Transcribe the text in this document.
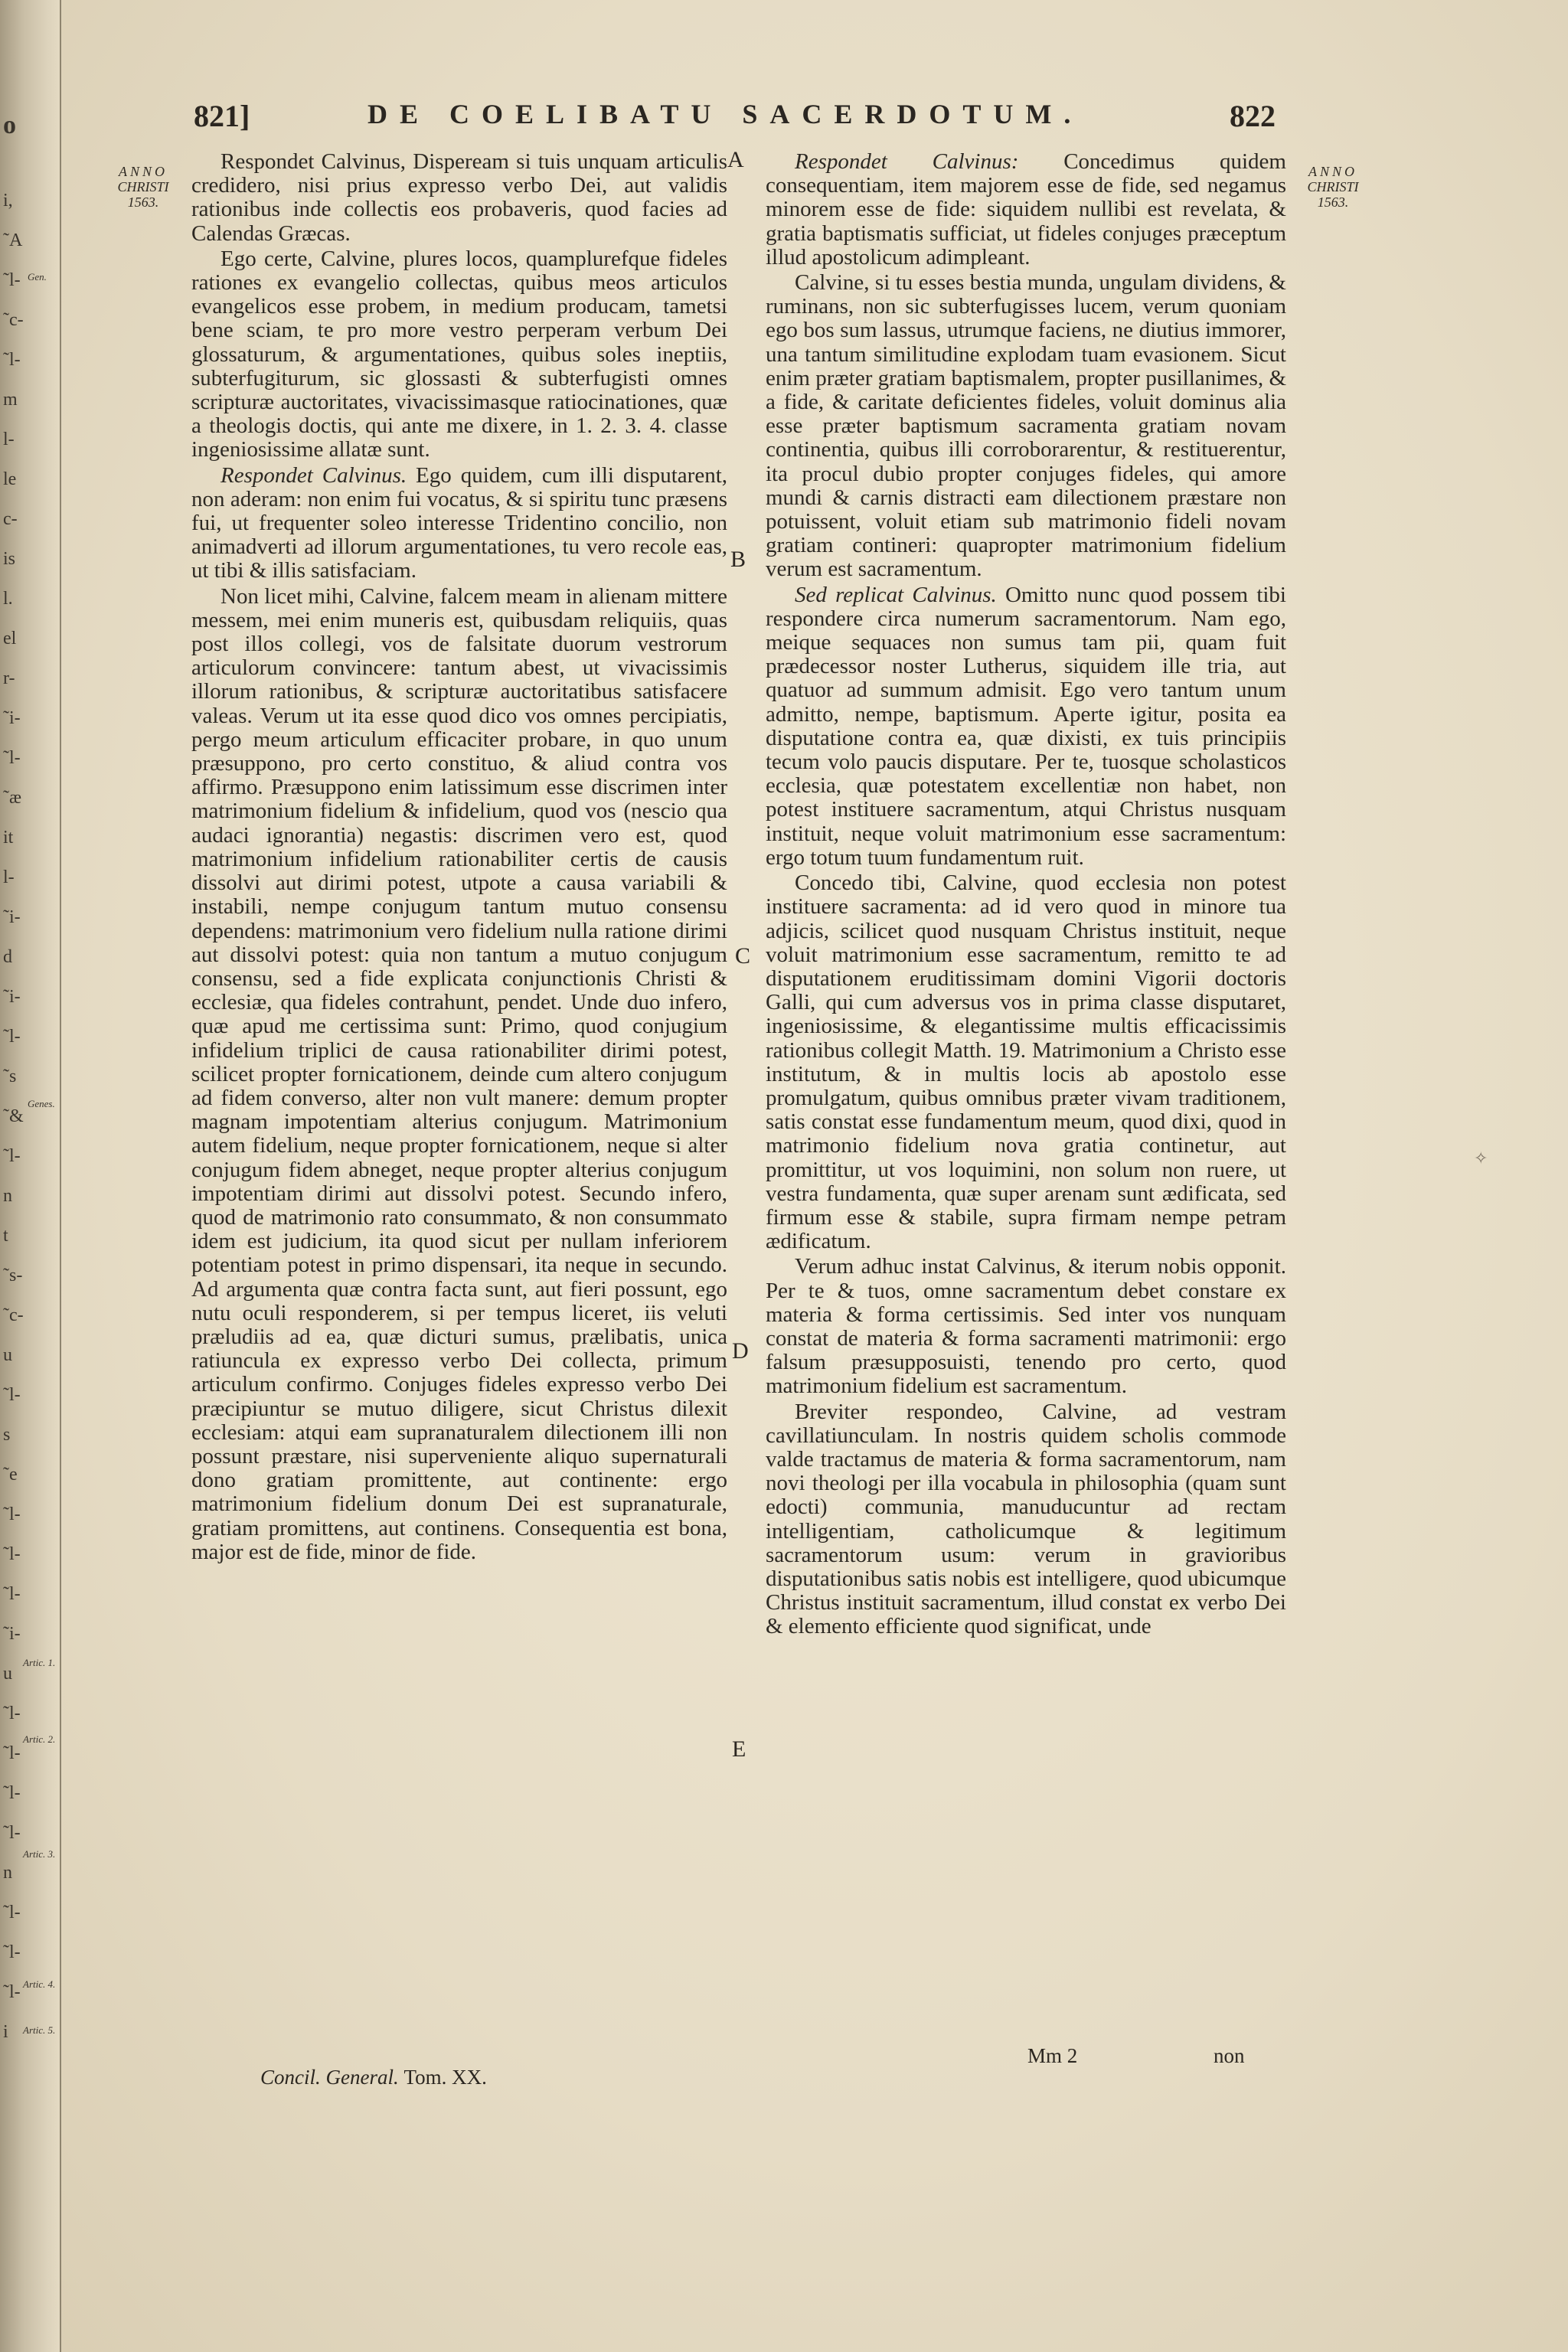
o
i,
˜A
˜l-
˜c-
˜l-
m
l-
le
c-
is
l.
el
r-
˜i-
˜l-
˜æ
it
l-
˜i-
d
˜i-
˜l-
˜s
˜&
˜l-
n
t
˜s-
˜c-
u
˜l-
s
˜e
˜l-
˜l-
˜l-
˜i-
u
˜l-
˜l-
˜l-
˜l-
n
˜l-
˜l-
˜l-
i
Gen.
Genes.
Artic. 1.
Artic. 2.
Artic. 3.
Artic. 4.
Artic. 5.
821]	DE COELIBATU SACERDOTUM.	822
ANNO
CHRISTI
1563.
ANNO
CHRISTI
1563.
A
B
C
D
E

Respondet Calvinus, Dispeream si tuis unquam articulis credidero, nisi prius expresso verbo Dei, aut validis rationibus inde collectis eos probaveris, quod facies ad Calendas Græcas.

Ego certe, Calvine, plures locos, quamplurefque fideles rationes ex evangelio collectas, quibus meos articulos evangelicos esse probem, in medium producam, tametsi bene sciam, te pro more vestro perperam verbum Dei glossaturum, & argumentationes, quibus soles ineptiis, subterfugiturum, sic glossasti & subterfugisti omnes scripturæ auctoritates, vivacissimasque ratiocinationes, quæ a theologis doctis, qui ante me dixere, in 1. 2. 3. 4. classe ingeniosissime allatæ sunt.

Respondet Calvinus. Ego quidem, cum illi disputarent, non aderam: non enim fui vocatus, & si spiritu tunc præsens fui, ut frequenter soleo interesse Tridentino concilio, non animadverti ad illorum argumentationes, tu vero recole eas, ut tibi & illis satisfaciam.

Non licet mihi, Calvine, falcem meam in alienam mittere messem, mei enim muneris est, quibusdam reliquiis, quas post illos collegi, vos de falsitate duorum vestrorum articulorum convincere: tantum abest, ut vivacissimis illorum rationibus, & scripturæ auctoritatibus satisfacere valeas. Verum ut ita esse quod dico vos omnes percipiatis, pergo meum articulum efficaciter probare, in quo unum præsuppono, pro certo constituo, & aliud contra vos affirmo. Præsuppono enim latissimum esse discrimen inter matrimonium fidelium & infidelium, quod vos (nescio qua audaci ignorantia) negastis: discrimen vero est, quod matrimonium infidelium rationabiliter certis de causis dissolvi aut dirimi potest, utpote a causa variabili & instabili, nempe conjugum tantum mutuo consensu dependens: matrimonium vero fidelium nulla ratione dirimi aut dissolvi potest: quia non tantum a mutuo conjugum consensu, sed a fide explicata conjunctionis Christi & ecclesiæ, qua fideles contrahunt, pendet. Unde duo infero, quæ apud me certissima sunt: Primo, quod conjugium infidelium triplici de causa rationabiliter dirimi potest, scilicet propter fornicationem, deinde cum altero conjugum ad fidem converso, alter non vult manere: demum propter magnam impotentiam alterius conjugum. Matrimonium autem fidelium, neque propter fornicationem, neque si alter conjugum fidem abneget, neque propter alterius conjugum impotentiam dirimi aut dissolvi potest. Secundo infero, quod de matrimonio rato consummato, & non consummato idem est judicium, ita quod sicut per nullam inferiorem potentiam potest in primo dispensari, ita neque in secundo. Ad argumenta quæ contra facta sunt, aut fieri possunt, ego nutu oculi responderem, si per tempus liceret, iis veluti præludiis ad ea, quæ dicturi sumus, prælibatis, unica ratiuncula ex expresso verbo Dei collecta, primum articulum confirmo. Conjuges fideles expresso verbo Dei præcipiuntur se mutuo diligere, sicut Christus dilexit ecclesiam: atqui eam supranaturalem dilectionem illi non possunt præstare, nisi superveniente aliquo supernaturali dono gratiam promittente, aut continente: ergo matrimonium fidelium donum Dei est supranaturale, gratiam promittens, aut continens. Consequentia est bona, major est de fide, minor de fide.

Respondet Calvinus: Concedimus quidem consequentiam, item majorem esse de fide, sed negamus minorem esse de fide: siquidem nullibi est revelata, & gratia baptismatis sufficiat, ut fideles conjuges præceptum illud apostolicum adimpleant.

Calvine, si tu esses bestia munda, ungulam dividens, & ruminans, non sic subterfugisses lucem, verum quoniam ego bos sum lassus, utrumque faciens, ne diutius immorer, una tantum similitudine explodam tuam evasionem. Sicut enim præter gratiam baptismalem, propter pusillanimes, & a fide, & caritate deficientes fideles, voluit dominus alia esse præter baptismum sacramenta gratiam novam continentia, quibus illi corroborarentur, & restituerentur, ita procul dubio propter conjuges fideles, qui amore mundi & carnis distracti eam dilectionem præstare non potuissent, voluit etiam sub matrimonio fideli novam gratiam contineri: quapropter matrimonium fidelium verum est sacramentum.

Sed replicat Calvinus. Omitto nunc quod possem tibi respondere circa numerum sacramentorum. Nam ego, meique sequaces non sumus tam pii, quam fuit prædecessor noster Lutherus, siquidem ille tria, aut quatuor ad summum admisit. Ego vero tantum unum admitto, nempe, baptismum. Aperte igitur, posita ea disputatione contra ea, quæ dixisti, ex tuis principiis tecum volo paucis disputare. Per te, tuosque scholasticos ecclesia, quæ potestatem excellentiæ non habet, non potest instituere sacramentum, atqui Christus nusquam instituit, neque voluit matrimonium esse sacramentum: ergo totum tuum fundamentum ruit.

Concedo tibi, Calvine, quod ecclesia non potest instituere sacramenta: ad id vero quod in minore tua adjicis, scilicet quod nusquam Christus instituit, neque voluit matrimonium esse sacramentum, remitto te ad disputationem eruditissimam domini Vigorii doctoris Galli, qui cum adversus vos in prima classe disputaret, ingeniosissime, & elegantissime multis efficacissimis rationibus collegit Matth. 19. Matrimonium a Christo esse institutum, & in multis locis ab apostolo esse promulgatum, quibus omnibus præter vivam traditionem, satis constat esse fundamentum meum, quod dixi, quod in matrimonio fidelium nova gratia continetur, aut promittitur, ut vos loquimini, non solum non ruere, ut vestra fundamenta, quæ super arenam sunt ædificata, sed firmum esse & stabile, supra firmam nempe petram ædificatum.

Verum adhuc instat Calvinus, & iterum nobis opponit. Per te & tuos, omne sacramentum debet constare ex materia & forma certissimis. Sed inter vos nunquam constat de materia & forma sacramenti matrimonii: ergo falsum præsupposuisti, tenendo pro certo, quod matrimonium fidelium est sacramentum.

Breviter respondeo, Calvine, ad vestram cavillatiunculam. In nostris quidem scholis commode valde tractamus de materia & forma sacramentorum, nam novi theologi per illa vocabula in philosophia (quam sunt edocti) communia, manuducuntur ad rectam intelligentiam, catholicumque & legitimum sacramentorum usum: verum in gravioribus disputationibus satis nobis est intelligere, quod ubicumque Christus instituit sacramentum, illud constat ex verbo Dei & elemento efficiente quod significat, unde

Concil. General. Tom. XX.
Mm 2	non
✧
